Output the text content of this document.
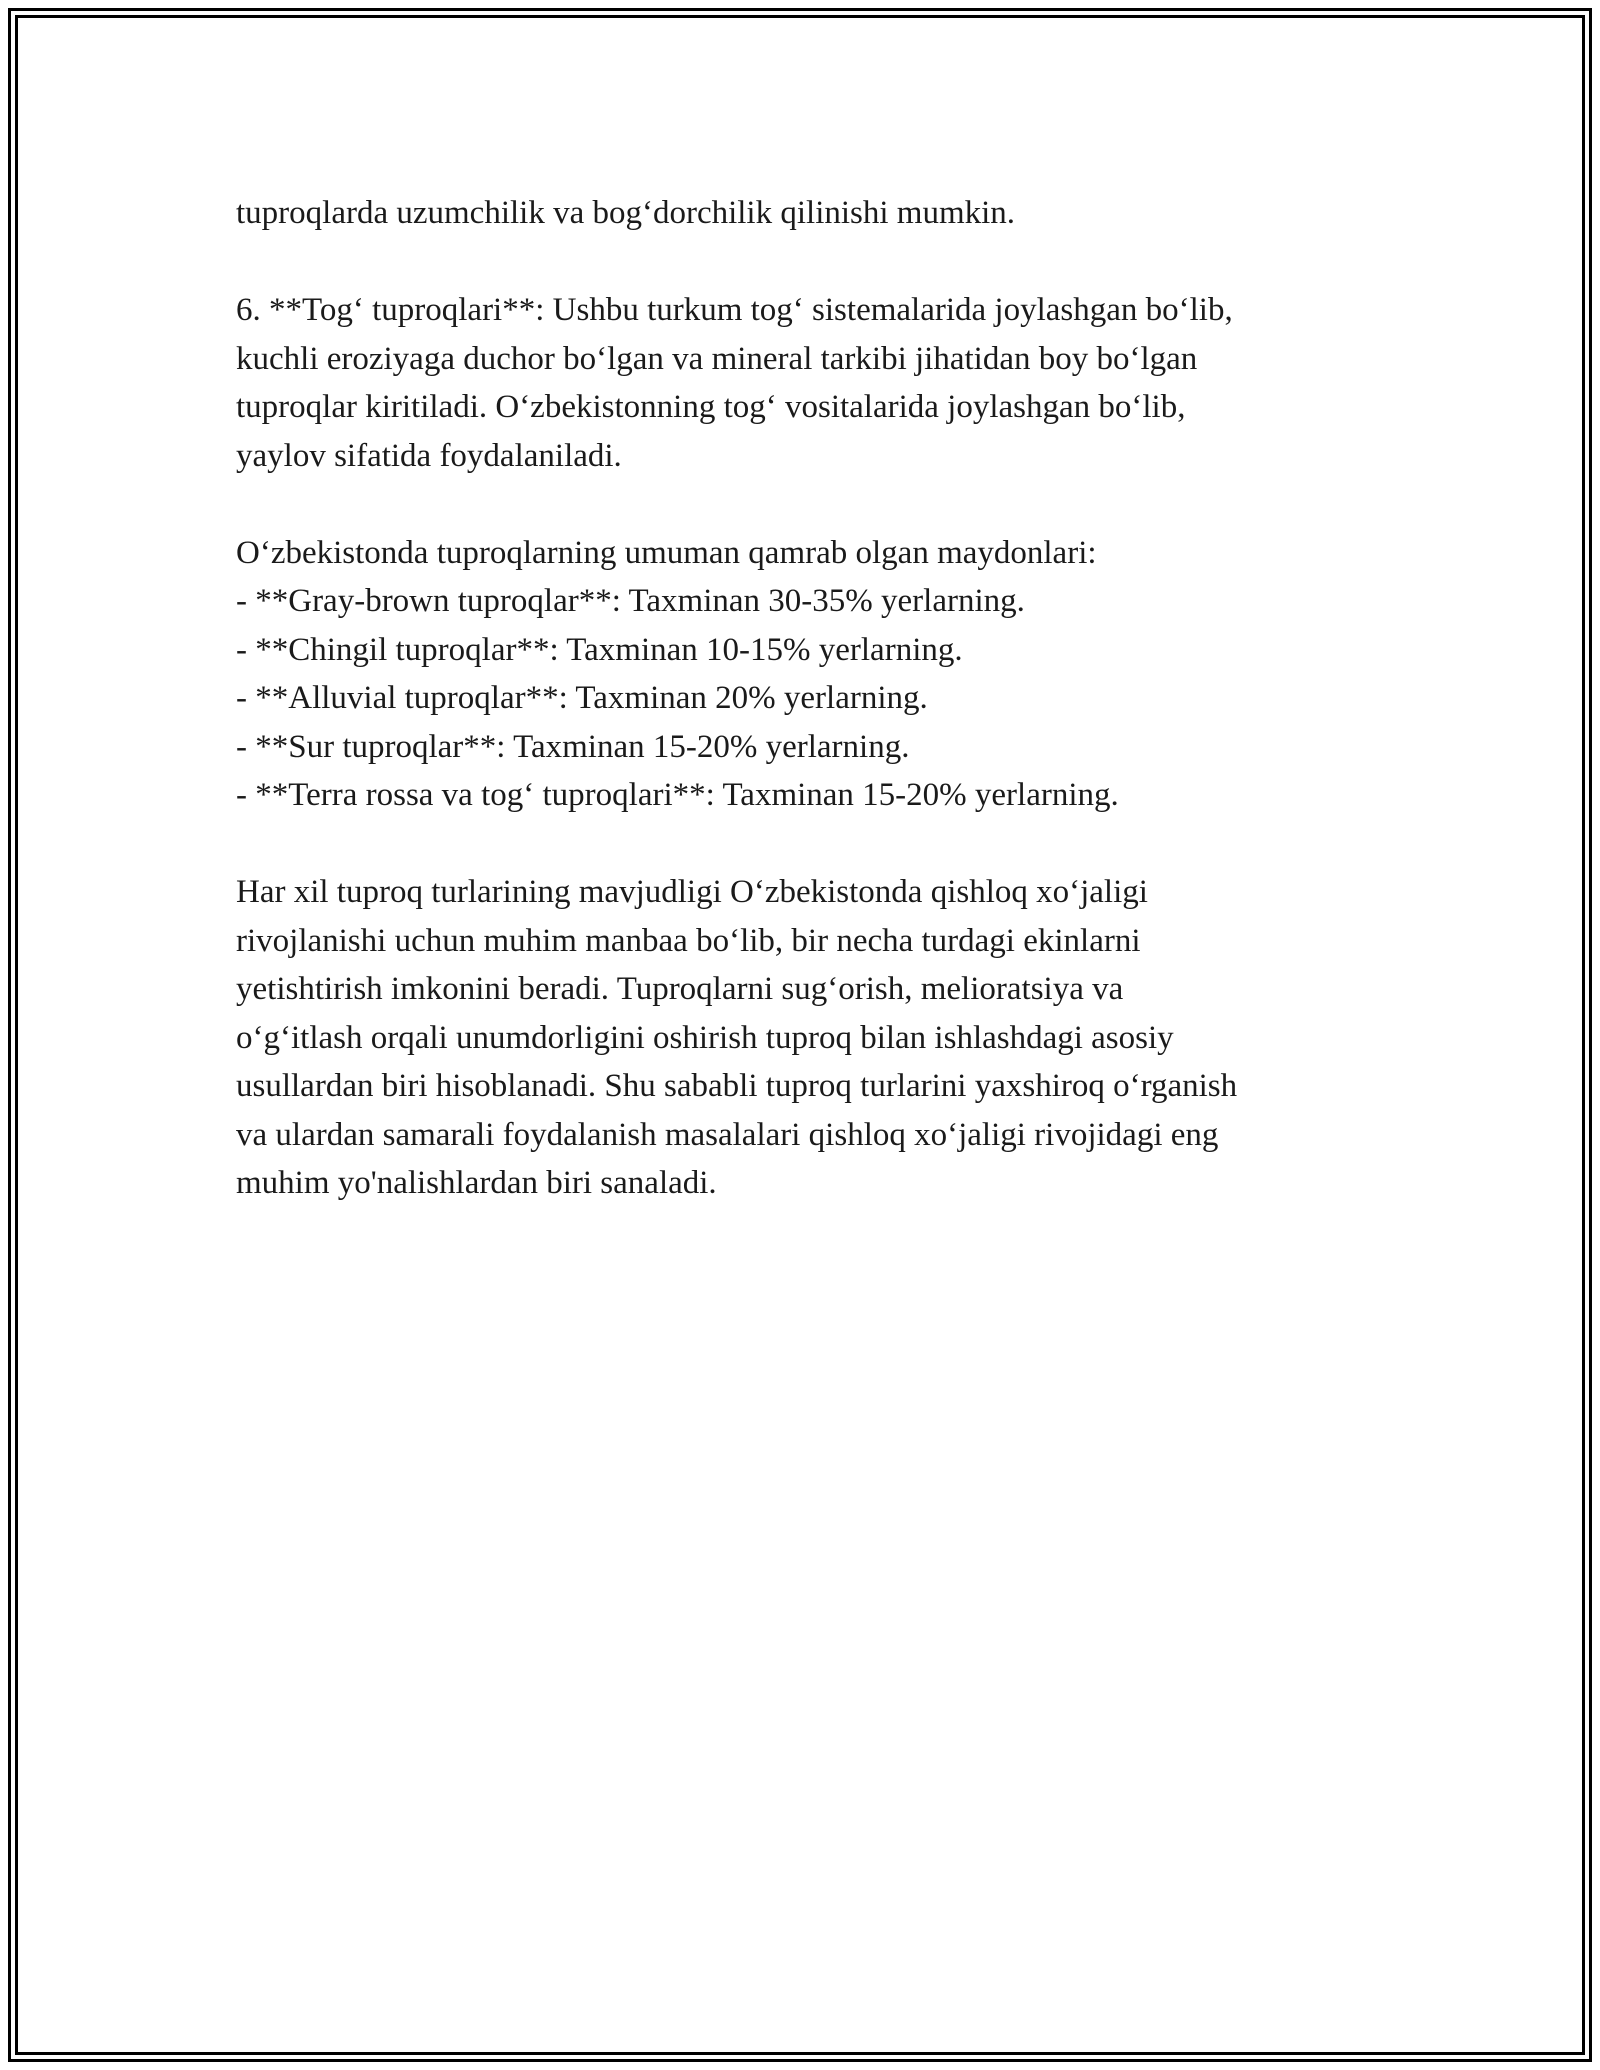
tuproqlarda uzumchilik va bog‘dorchilik qilinishi mumkin.

6. **Tog‘ tuproqlari**: Ushbu turkum tog‘ sistemalarida joylashgan bo‘lib,
kuchli eroziyaga duchor bo‘lgan va mineral tarkibi jihatidan boy bo‘lgan
tuproqlar kiritiladi. O‘zbekistonning tog‘ vositalarida joylashgan bo‘lib,
yaylov sifatida foydalaniladi.

O‘zbekistonda tuproqlarning umuman qamrab olgan maydonlari:
- **Gray-brown tuproqlar**: Taxminan 30-35% yerlarning.
- **Chingil tuproqlar**: Taxminan 10-15% yerlarning.
- **Alluvial tuproqlar**: Taxminan 20% yerlarning.
- **Sur tuproqlar**: Taxminan 15-20% yerlarning.
- **Terra rossa va tog‘ tuproqlari**: Taxminan 15-20% yerlarning.

Har xil tuproq turlarining mavjudligi O‘zbekistonda qishloq xo‘jaligi
rivojlanishi uchun muhim manbaa bo‘lib, bir necha turdagi ekinlarni
yetishtirish imkonini beradi. Tuproqlarni sug‘orish, melioratsiya va
o‘g‘itlash orqali unumdorligini oshirish tuproq bilan ishlashdagi asosiy
usullardan biri hisoblanadi. Shu sababli tuproq turlarini yaxshiroq o‘rganish
va ulardan samarali foydalanish masalalari qishloq xo‘jaligi rivojidagi eng
muhim yo'nalishlardan biri sanaladi.
